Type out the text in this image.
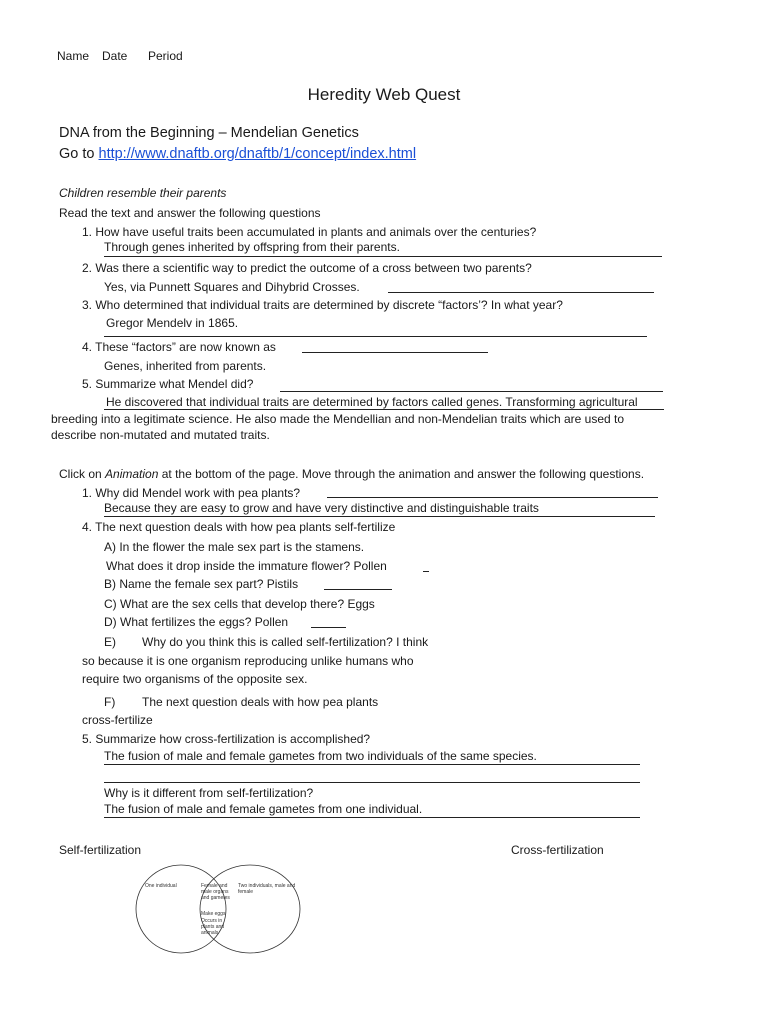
Name Date Period
Heredity Web Quest
DNA from the Beginning – Mendelian Genetics
Go to http://www.dnaftb.org/dnaftb/1/concept/index.html
Children resemble their parents
Read the text and answer the following questions
1. How have useful traits been accumulated in plants and animals over the centuries?
Through genes inherited by offspring from their parents.
2. Was there a scientific way to predict the outcome of a cross between two parents?
Yes, via Punnett Squares and Dihybrid Crosses.
3. Who determined that individual traits are determined by discrete “factors’? In what year?
Gregor Mendelv in 1865.
4. These “factors” are now known as
Genes, inherited from parents.
5. Summarize what Mendel did?
He discovered that individual traits are determined by factors called genes. Transforming agricultural
breeding into a legitimate science. He also made the Mendellian and non-Mendelian traits which are used to
describe non-mutated and mutated traits.
Click on Animation at the bottom of the page. Move through the animation and answer the following questions.
1. Why did Mendel work with pea plants?
Because they are easy to grow and have very distinctive and distinguishable traits
4. The next question deals with how pea plants self-fertilize
A) In the flower the male sex part is the stamens.
What does it drop inside the immature flower? Pollen
B) Name the female sex part? Pistils
C) What are the sex cells that develop there? Eggs
D) What fertilizes the eggs? Pollen
E) Why do you think this is called self-fertilization? I think
so because it is one organism reproducing unlike humans who
require two organisms of the opposite sex.
F) The next question deals with how pea plants
cross-fertilize
5. Summarize how cross-fertilization is accomplished?
The fusion of male and female gametes from two individuals of the same species.
Why is it different from self-fertilization?
The fusion of male and female gametes from one individual.
Self-fertilization	Cross-fertilization
One individual	Female and male organs and gametes
Make eggs
Occurs in plants and animals
Two individuals, male and female
